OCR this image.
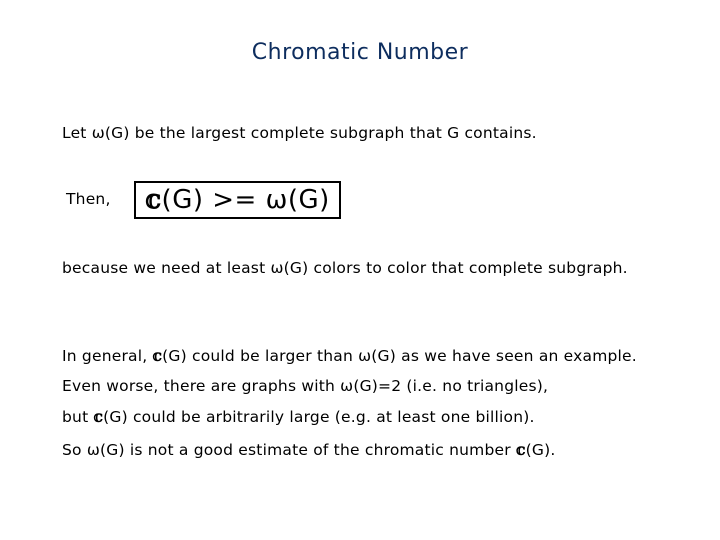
Chromatic Number
Let ω(G) be the largest complete subgraph that G contains.
Then, 𝕔(G) >= ω(G)
because we need at least ω(G) colors to color that complete subgraph.
In general, 𝕔(G) could be larger than ω(G) as we have seen an example.
Even worse, there are graphs with ω(G)=2 (i.e. no triangles),
but 𝕔(G) could be arbitrarily large (e.g. at least one billion).
So ω(G) is not a good estimate of the chromatic number 𝕔(G).
